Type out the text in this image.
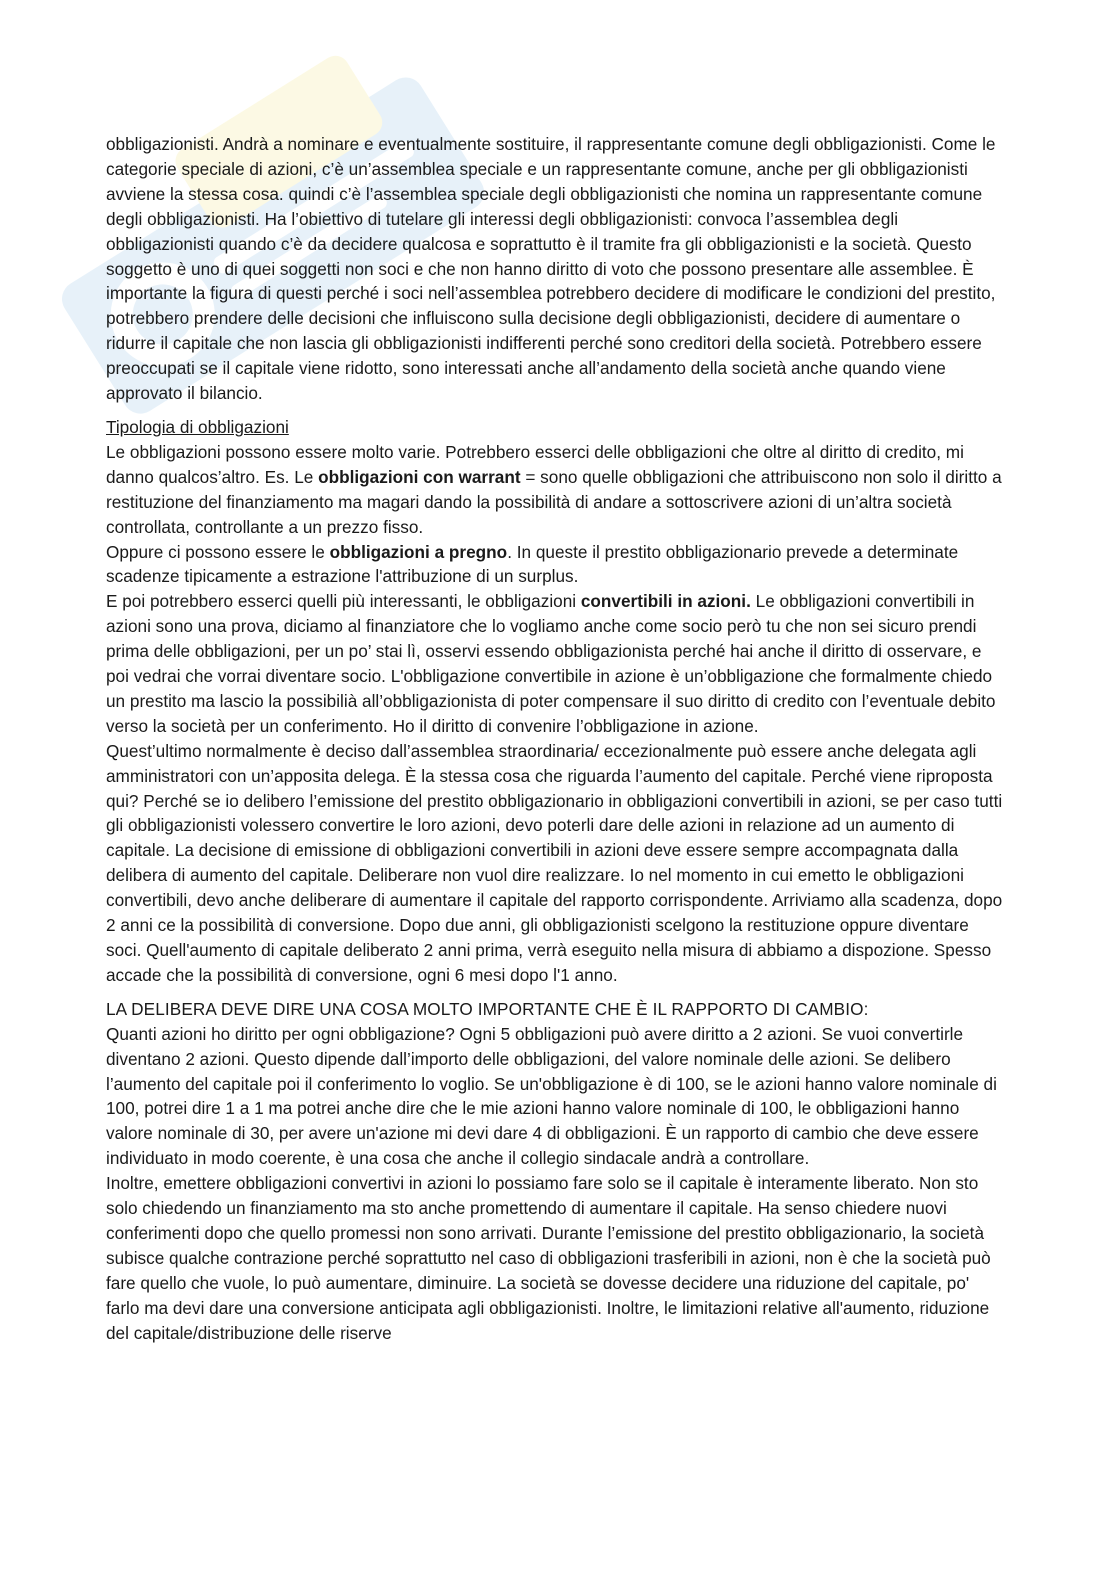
obbligazionisti. Andrà a nominare e eventualmente sostituire, il rappresentante comune degli obbligazionisti. Come le categorie speciale di azioni, c’è un’assemblea speciale e un rappresentante comune, anche per gli obbligazionisti avviene la stessa cosa. quindi c’è l’assemblea speciale degli obbligazionisti che nomina un rappresentante comune degli obbligazionisti. Ha l’obiettivo di tutelare gli interessi degli obbligazionisti: convoca l’assemblea degli obbligazionisti quando c’è da decidere qualcosa e soprattutto è il tramite fra gli obbligazionisti e la società. Questo soggetto è uno di quei soggetti non soci e che non hanno diritto di voto che possono presentare alle assemblee. È importante la figura di questi perché i soci nell’assemblea potrebbero decidere di modificare le condizioni del prestito, potrebbero prendere delle decisioni che influiscono sulla decisione degli obbligazionisti, decidere di aumentare o ridurre il capitale che non lascia gli obbligazionisti indifferenti perché sono creditori della società. Potrebbero essere preoccupati se il capitale viene ridotto, sono interessati anche all’andamento della società anche quando viene approvato il bilancio.

Tipologia di obbligazioni

Le obbligazioni possono essere molto varie. Potrebbero esserci delle obbligazioni che oltre al diritto di credito, mi danno qualcos’altro. Es. Le obbligazioni con warrant = sono quelle obbligazioni che attribuiscono non solo il diritto a restituzione del finanziamento ma magari dando la possibilità di andare a sottoscrivere azioni di un’altra società controllata, controllante a un prezzo fisso.

Oppure ci possono essere le obbligazioni a pregno. In queste il prestito obbligazionario prevede a determinate scadenze tipicamente a estrazione l'attribuzione di un surplus.

E poi potrebbero esserci quelli più interessanti, le obbligazioni convertibili in azioni. Le obbligazioni convertibili in azioni sono una prova, diciamo al finanziatore che lo vogliamo anche come socio però tu che non sei sicuro prendi prima delle obbligazioni, per un po’ stai lì, osservi essendo obbligazionista perché hai anche il diritto di osservare, e poi vedrai che vorrai diventare socio. L'obbligazione convertibile in azione è un’obbligazione che formalmente chiedo un prestito ma lascio la possibilià all’obbligazionista di poter compensare il suo diritto di credito con l’eventuale debito verso la società per un conferimento. Ho il diritto di convenire l’obbligazione in azione.

Quest’ultimo normalmente è deciso dall’assemblea straordinaria/ eccezionalmente può essere anche delegata agli amministratori con un’apposita delega. È la stessa cosa che riguarda l’aumento del capitale. Perché viene riproposta qui? Perché se io delibero l’emissione del prestito obbligazionario in obbligazioni convertibili in azioni, se per caso tutti gli obbligazionisti volessero convertire le loro azioni, devo poterli dare delle azioni in relazione ad un aumento di capitale. La decisione di emissione di obbligazioni convertibili in azioni deve essere sempre accompagnata dalla delibera di aumento del capitale. Deliberare non vuol dire realizzare. Io nel momento in cui emetto le obbligazioni convertibili, devo anche deliberare di aumentare il capitale del rapporto corrispondente. Arriviamo alla scadenza, dopo 2 anni ce la possibilità di conversione. Dopo due anni, gli obbligazionisti scelgono la restituzione oppure diventare soci. Quell'aumento di capitale deliberato 2 anni prima, verrà eseguito nella misura di abbiamo a dispozione. Spesso accade che la possibilità di conversione, ogni 6 mesi dopo l'1 anno.

LA DELIBERA DEVE DIRE UNA COSA MOLTO IMPORTANTE CHE È IL RAPPORTO DI CAMBIO:

Quanti azioni ho diritto per ogni obbligazione? Ogni 5 obbligazioni può avere diritto a 2 azioni. Se vuoi convertirle diventano 2 azioni. Questo dipende dall’importo delle obbligazioni, del valore nominale delle azioni. Se delibero l’aumento del capitale poi il conferimento lo voglio. Se un'obbligazione è di 100, se le azioni hanno valore nominale di 100, potrei dire 1 a 1 ma potrei anche dire che le mie azioni hanno valore nominale di 100, le obbligazioni hanno valore nominale di 30, per avere un'azione mi devi dare 4 di obbligazioni. È un rapporto di cambio che deve essere individuato in modo coerente, è una cosa che anche il collegio sindacale andrà a controllare.

Inoltre, emettere obbligazioni convertivi in azioni lo possiamo fare solo se il capitale è interamente liberato. Non sto solo chiedendo un finanziamento ma sto anche promettendo di aumentare il capitale. Ha senso chiedere nuovi conferimenti dopo che quello promessi non sono arrivati. Durante l’emissione del prestito obbligazionario, la società subisce qualche contrazione perché soprattutto nel caso di obbligazioni trasferibili in azioni, non è che la società può fare quello che vuole, lo può aumentare, diminuire. La società se dovesse decidere una riduzione del capitale, po' farlo ma devi dare una conversione anticipata agli obbligazionisti. Inoltre, le limitazioni relative all'aumento, riduzione del capitale/distribuzione delle riserve
